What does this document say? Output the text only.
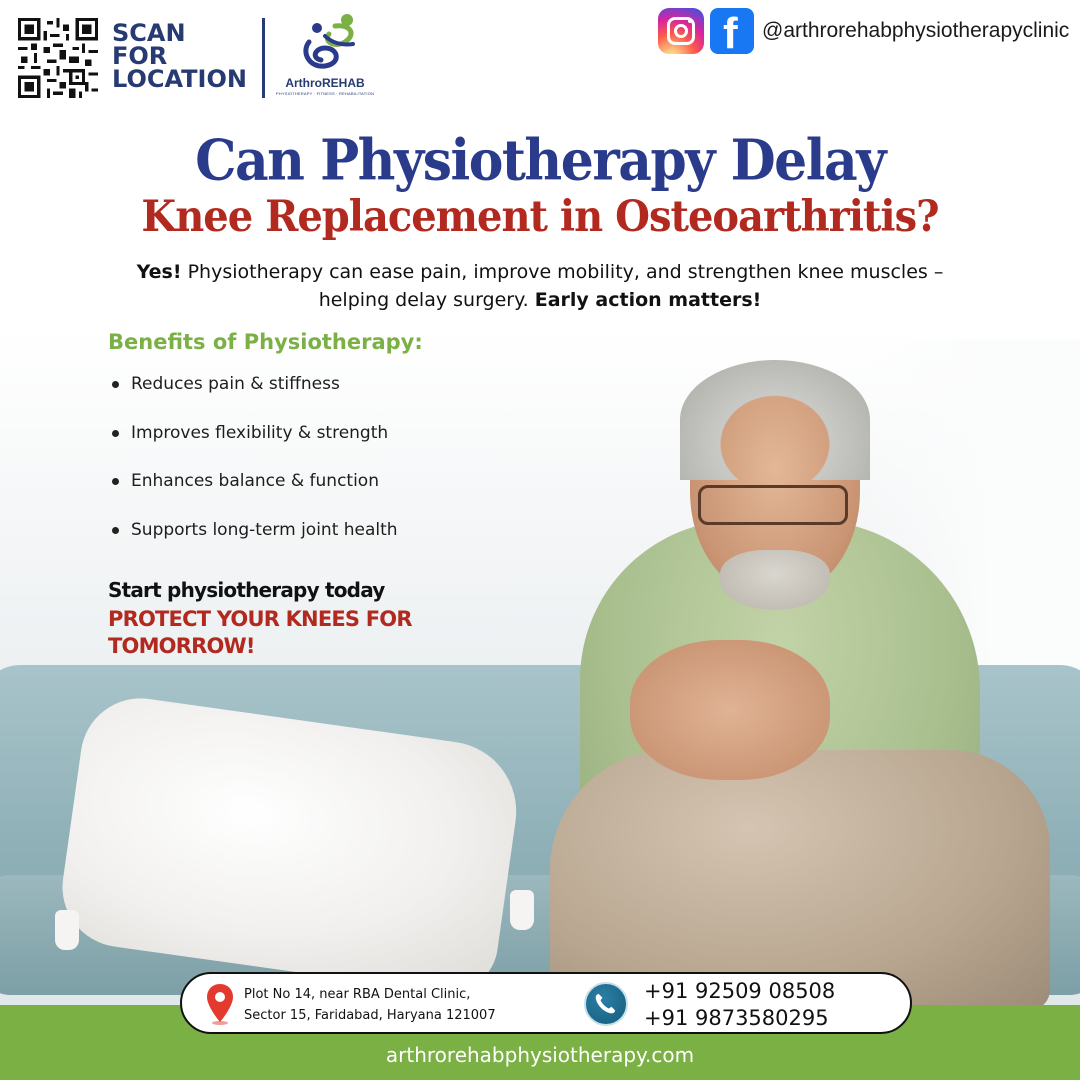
SCAN
FOR
LOCATION	ArthroREHAB
PHYSIOTHERAPY · FITNESS · REHABILITATION
f @arthrorehabphysiotherapyclinic
Can Physiotherapy Delay
Knee Replacement in Osteoarthritis?
Yes! Physiotherapy can ease pain, improve mobility, and strengthen knee muscles – helping delay surgery. Early action matters!
Benefits of Physiotherapy:
Reduces pain & stiffness
Improves flexibility & strength
Enhances balance & function
Supports long-term joint health
Start physiotherapy today
PROTECT YOUR KNEES FOR TOMORROW!
arthrorehabphysiotherapy.com
Plot No 14, near RBA Dental Clinic,
Sector 15, Faridabad, Haryana 121007
+91 92509 08508
+91 9873580295
